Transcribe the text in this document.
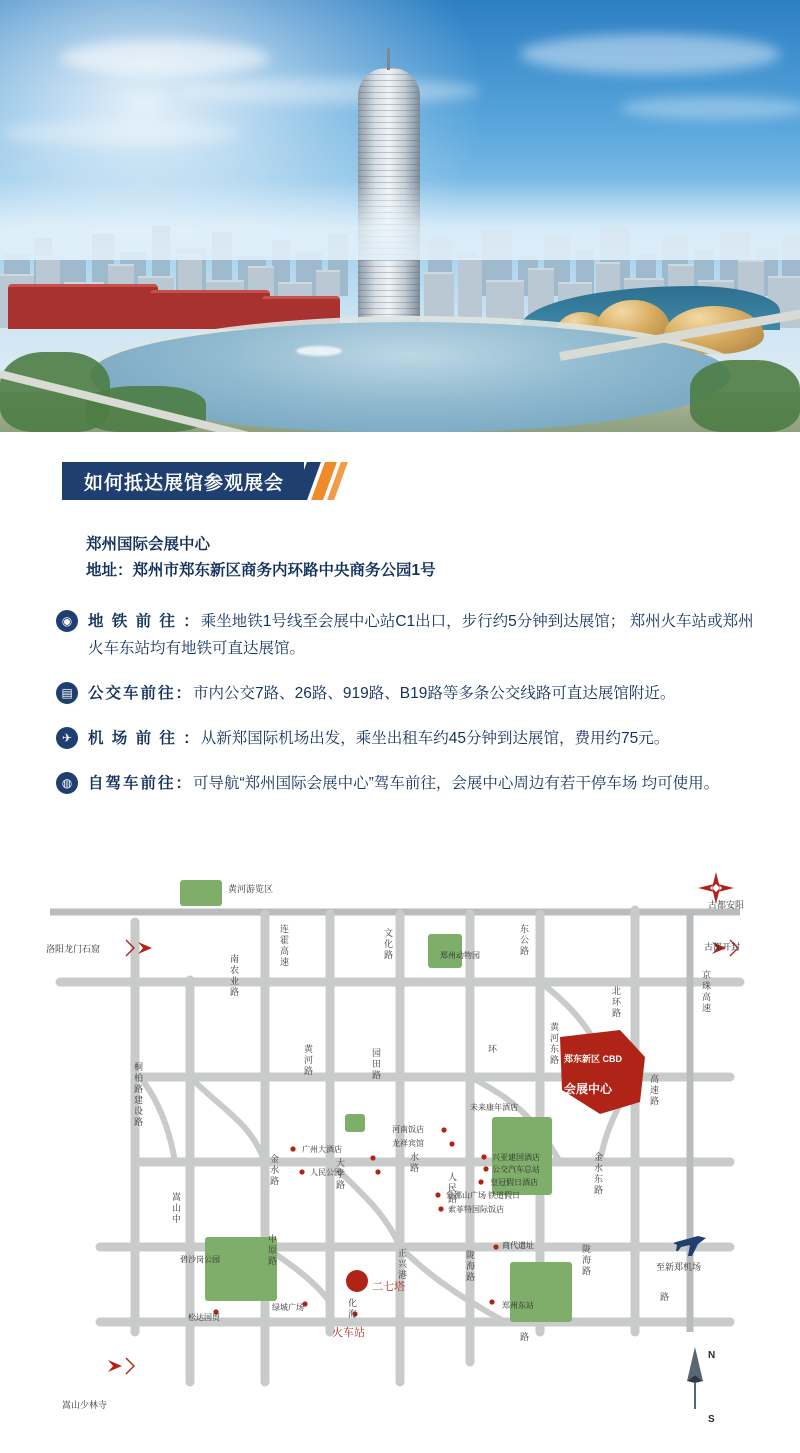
如何抵达展馆参观展会
郑州国际会展中心
地址：郑州市郑东新区商务内环路中央商务公园1号
◉	地 铁 前 往 ：乘坐地铁1号线至会展中心站C1出口，步行约5分钟到达展馆； 郑州火车站或郑州火车东站均有地铁可直达展馆。
▤ 公交车前往：市内公交7路、26路、919路、B19路等多条公交线路可直达展馆附近。
✈	机 场 前 往 ：从新郑国际机场出发，乘坐出租车约45分钟到达展馆，费用约75元。
◍	自驾车前往：可导航“郑州国际会展中心”驾车前往，会展中心周边有若干停车场 均可使用。
黄河游览区
古都安阳
古都开封
洛阳龙门石窟
嵩山少林寺
至新郑机场
郑州动物园
未来康年酒店
河南饭店
龙祥宾馆
广州大酒店
人民公园
兴亚建国酒店
公交汽车总站
皇冠假日酒店
铁道假日
蒙娜山广场
索菲特国际饭店
碧沙岗公园
绿城广场
二七塔
火车站
商代遗址
郑州东站
松达国贸
郑东新区 CBD
会展中心
连霍高速	文化路	东公路
南农业路
北环路	京珠高速
桐柏路建设路
黄河路	园田路	环	黄河东路
高速路
金水路	大学路	水路
人民路	金水东路
嵩山中
中原路	正兴港	陇海路	陇海路
路
化海
路
N
S
